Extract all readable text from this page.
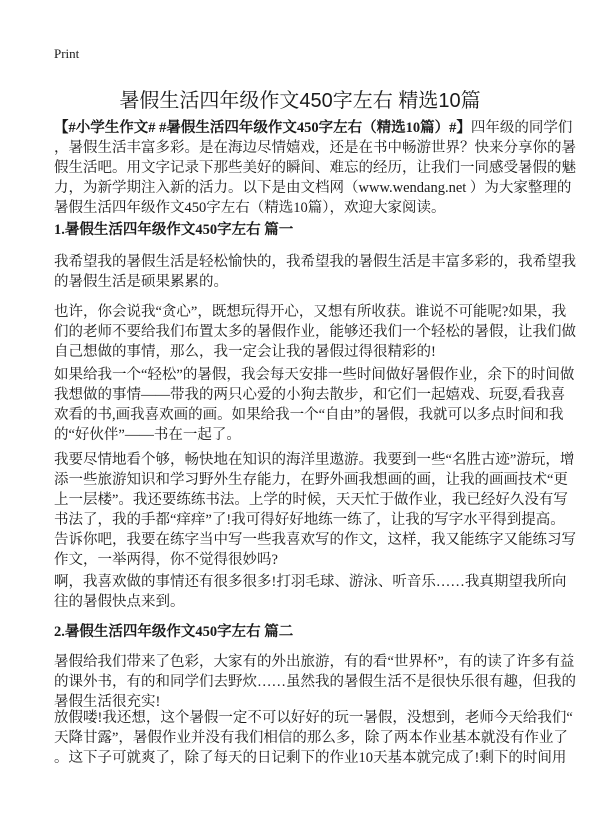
Print
暑假生活四年级作文450字左右 精选10篇
【#小学生作文# #暑假生活四年级作文450字左右（精选10篇）#】四年级的同学们
，暑假生活丰富多彩。是在海边尽情嬉戏，还是在书中畅游世界？快来分享你的暑
假生活吧。用文字记录下那些美好的瞬间、难忘的经历，让我们一同感受暑假的魅
力，为新学期注入新的活力。以下是由文档网（www.wendang.net ）为大家整理的
暑假生活四年级作文450字左右（精选10篇），欢迎大家阅读。
1.暑假生活四年级作文450字左右 篇一
我希望我的暑假生活是轻松愉快的，我希望我的暑假生活是丰富多彩的，我希望我
的暑假生活是硕果累累的。
也许，你会说我“贪心”，既想玩得开心，又想有所收获。谁说不可能呢?如果，我
们的老师不要给我们布置太多的暑假作业，能够还我们一个轻松的暑假，让我们做
自己想做的事情，那么，我一定会让我的暑假过得很精彩的!
如果给我一个“轻松”的暑假，我会每天安排一些时间做好暑假作业，余下的时间做
我想做的事情——带我的两只心爱的小狗去散步，和它们一起嬉戏、玩耍,看我喜
欢看的书,画我喜欢画的画。如果给我一个“自由”的暑假，我就可以多点时间和我
的“好伙伴”——书在一起了。
我要尽情地看个够，畅快地在知识的海洋里遨游。我要到一些“名胜古迹”游玩，增
添一些旅游知识和学习野外生存能力，在野外画我想画的画，让我的画画技术“更
上一层楼”。我还要练练书法。上学的时候，天天忙于做作业，我已经好久没有写
书法了，我的手都“痒痒”了!我可得好好地练一练了，让我的写字水平得到提高。
告诉你吧，我要在练字当中写一些我喜欢写的作文，这样，我又能练字又能练习写
作文，一举两得，你不觉得很妙吗?
啊，我喜欢做的事情还有很多很多!打羽毛球、游泳、听音乐……我真期望我所向
往的暑假快点来到。
2.暑假生活四年级作文450字左右 篇二
暑假给我们带来了色彩，大家有的外出旅游，有的看“世界杯”，有的读了许多有益
的课外书，有的和同学们去野炊……虽然我的暑假生活不是很快乐很有趣，但我的
暑假生活很充实!
放假喽!我还想，这个暑假一定不可以好好的玩一暑假，没想到，老师今天给我们“
天降甘露”，暑假作业并没有我们相信的那么多，除了两本作业基本就没有作业了
。这下子可就爽了，除了每天的日记剩下的作业10天基本就完成了!剩下的时间用
